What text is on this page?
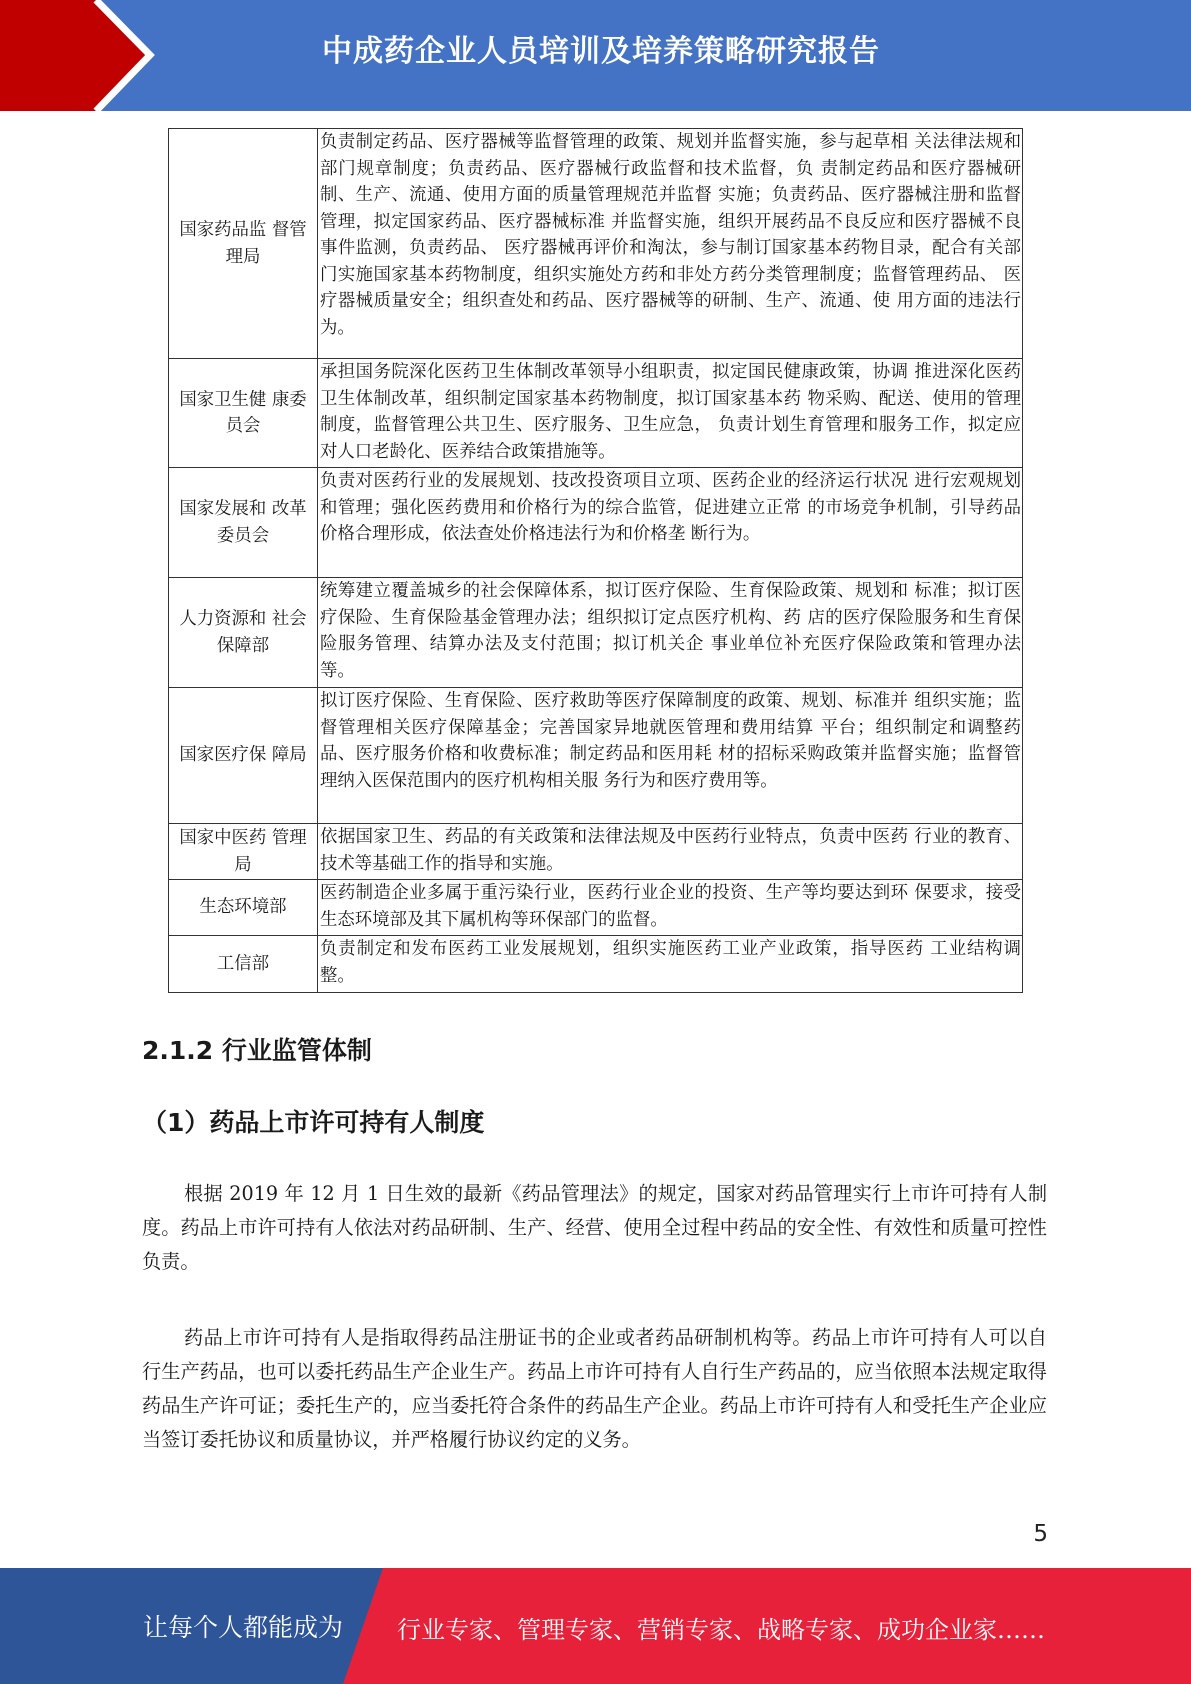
中成药企业人员培训及培养策略研究报告
国家药品监 督管理局	负责制定药品、医疗器械等监督管理的政策、规划并监督实施，参与起草相 关法律法规和部门规章制度；负责药品、医疗器械行政监督和技术监督，负 责制定药品和医疗器械研制、生产、流通、使用方面的质量管理规范并监督 实施；负责药品、医疗器械注册和监督管理，拟定国家药品、医疗器械标准 并监督实施，组织开展药品不良反应和医疗器械不良事件监测，负责药品、 医疗器械再评价和淘汰，参与制订国家基本药物目录，配合有关部门实施国家基本药物制度，组织实施处方药和非处方药分类管理制度；监督管理药品、 医疗器械质量安全；组织查处和药品、医疗器械等的研制、生产、流通、使 用方面的违法行为。
国家卫生健 康委员会	承担国务院深化医药卫生体制改革领导小组职责，拟定国民健康政策，协调 推进深化医药卫生体制改革，组织制定国家基本药物制度，拟订国家基本药 物采购、配送、使用的管理制度，监督管理公共卫生、医疗服务、卫生应急， 负责计划生育管理和服务工作，拟定应对人口老龄化、医养结合政策措施等。
国家发展和 改革委员会	负责对医药行业的发展规划、技改投资项目立项、医药企业的经济运行状况 进行宏观规划和管理；强化医药费用和价格行为的综合监管，促进建立正常 的市场竞争机制，引导药品价格合理形成，依法查处价格违法行为和价格垄 断行为。
人力资源和 社会保障部	统筹建立覆盖城乡的社会保障体系，拟订医疗保险、生育保险政策、规划和 标准；拟订医疗保险、生育保险基金管理办法；组织拟订定点医疗机构、药 店的医疗保险服务和生育保险服务管理、结算办法及支付范围；拟订机关企 事业单位补充医疗保险政策和管理办法等。
国家医疗保 障局	拟订医疗保险、生育保险、医疗救助等医疗保障制度的政策、规划、标准并 组织实施；监督管理相关医疗保障基金；完善国家异地就医管理和费用结算 平台；组织制定和调整药品、医疗服务价格和收费标准；制定药品和医用耗 材的招标采购政策并监督实施；监督管理纳入医保范围内的医疗机构相关服 务行为和医疗费用等。
国家中医药 管理局	依据国家卫生、药品的有关政策和法律法规及中医药行业特点，负责中医药 行业的教育、技术等基础工作的指导和实施。
生态环境部	医药制造企业多属于重污染行业，医药行业企业的投资、生产等均要达到环 保要求，接受生态环境部及其下属机构等环保部门的监督。
工信部	负责制定和发布医药工业发展规划，组织实施医药工业产业政策，指导医药 工业结构调整。
2.1.2 行业监管体制
（1）药品上市许可持有人制度

根据 2019 年 12 月 1 日生效的最新《药品管理法》的规定，国家对药品管理实行上市许可持有人制度。药品上市许可持有人依法对药品研制、生产、经营、使用全过程中药品的安全性、有效性和质量可控性负责。

药品上市许可持有人是指取得药品注册证书的企业或者药品研制机构等。药品上市许可持有人可以自行生产药品，也可以委托药品生产企业生产。药品上市许可持有人自行生产药品的，应当依照本法规定取得药品生产许可证；委托生产的，应当委托符合条件的药品生产企业。药品上市许可持有人和受托生产企业应当签订委托协议和质量协议，并严格履行协议约定的义务。

5
让每个人都能成为 行业专家、管理专家、营销专家、战略专家、成功企业家……
